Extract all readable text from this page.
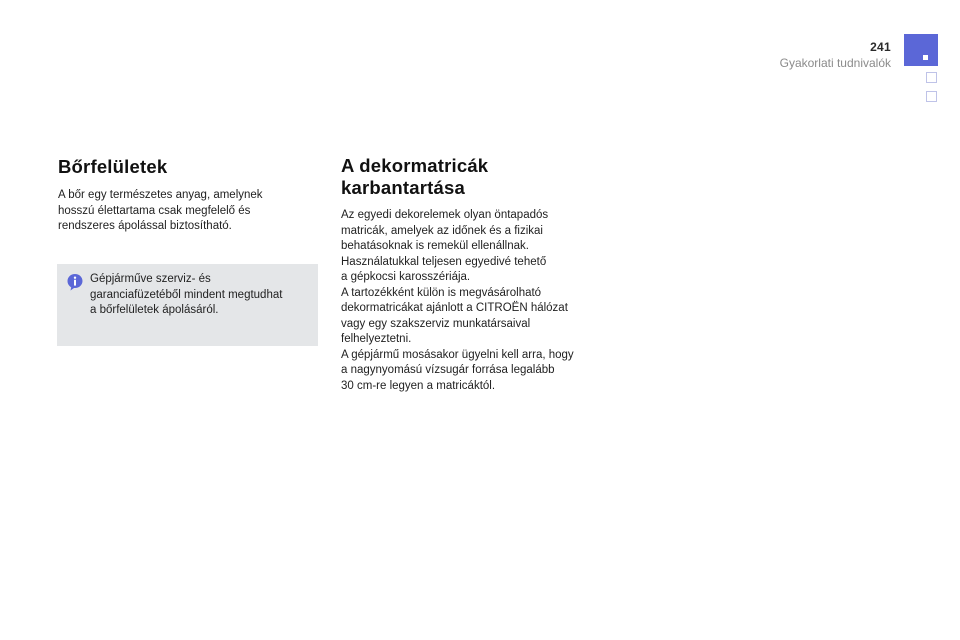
241
Gyakorlati tudnivalók
Bőrfelületek
A bőr egy természetes anyag, amelynek
hosszú élettartama csak megfelelő és
rendszeres ápolással biztosítható.
Gépjárműve szerviz- és
garanciafüzetéből mindent megtudhat
a bőrfelületek ápolásáról.
A dekormatricák
karbantartása
Az egyedi dekorelemek olyan öntapadós
matricák, amelyek az időnek és a fizikai
behatásoknak is remekül ellenállnak.
Használatukkal teljesen egyedivé tehető
a gépkocsi karosszériája.
A tartozékként külön is megvásárolható
dekormatricákat ajánlott a CITROËN hálózat
vagy egy szakszerviz munkatársaival
felhelyeztetni.
A gépjármű mosásakor ügyelni kell arra, hogy
a nagynyomású vízsugár forrása legalább
30 cm-re legyen a matricáktól.
